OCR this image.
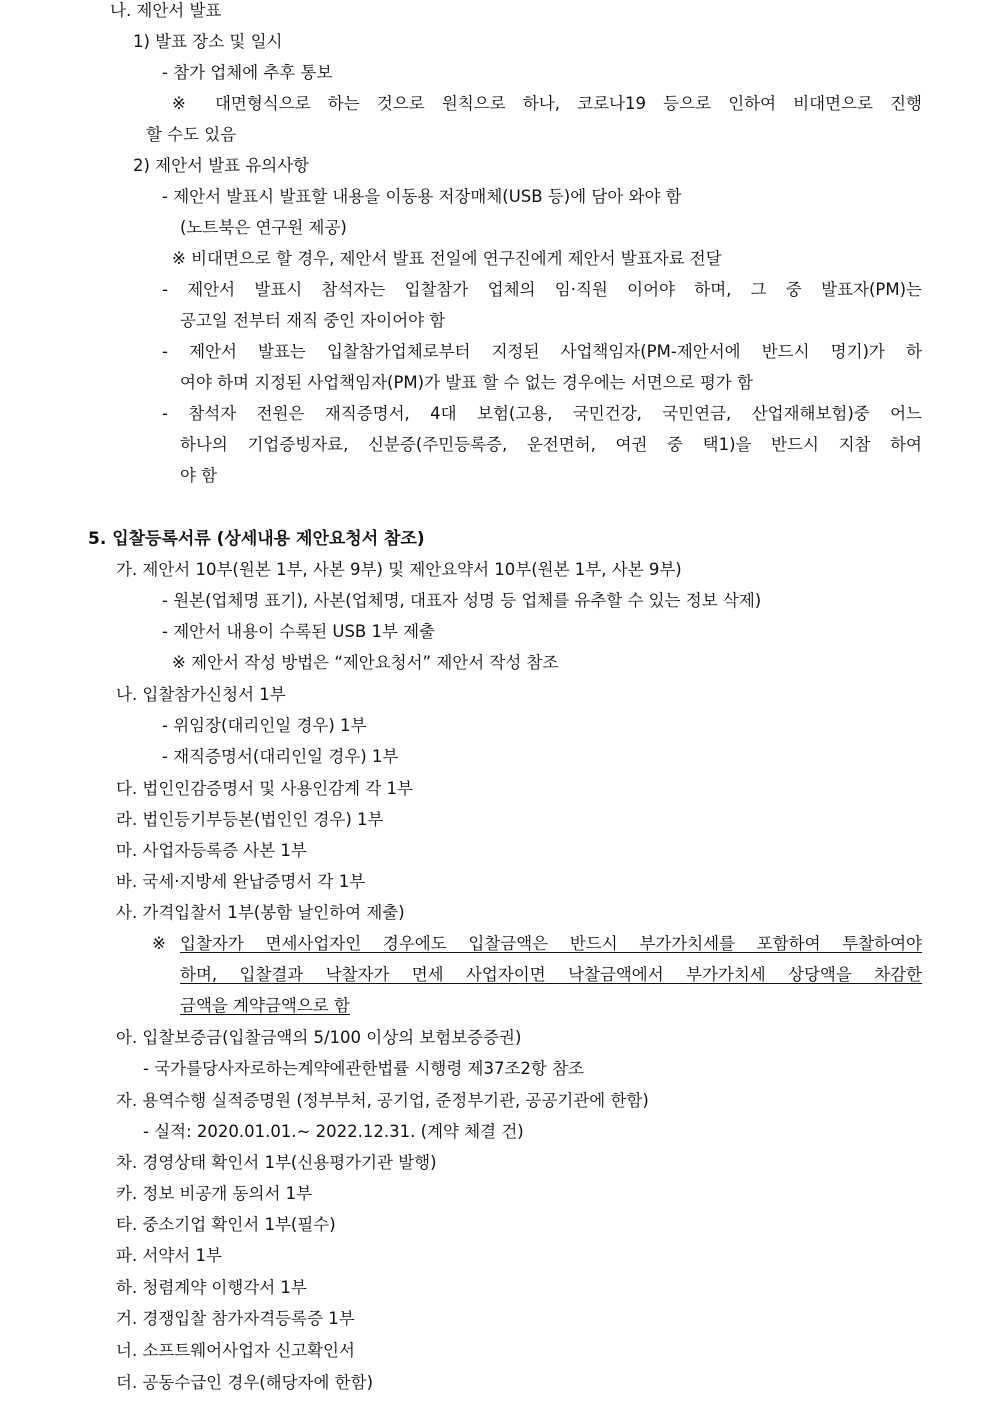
나. 제안서 발표
1) 발표 장소 및 일시
- 참가 업체에 추후 통보
※ 대면형식으로 하는 것으로 원칙으로 하나, 코로나19 등으로 인하여 비대면으로 진행
할 수도 있음
2) 제안서 발표 유의사항
- 제안서 발표시 발표할 내용을 이동용 저장매체(USB 등)에 담아 와야 함
(노트북은 연구원 제공)
※ 비대면으로 할 경우, 제안서 발표 전일에 연구진에게 제안서 발표자료 전달
- 제안서 발표시 참석자는 입찰참가 업체의 임·직원 이어야 하며, 그 중 발표자(PM)는
공고일 전부터 재직 중인 자이어야 함
- 제안서 발표는 입찰참가업체로부터 지정된 사업책임자(PM-제안서에 반드시 명기)가 하
여야 하며 지정된 사업책임자(PM)가 발표 할 수 없는 경우에는 서면으로 평가 함
- 참석자 전원은 재직증명서, 4대 보험(고용, 국민건강, 국민연금, 산업재해보험)중 어느
하나의 기업증빙자료, 신분증(주민등록증, 운전면허, 여권 중 택1)을 반드시 지참 하여
야 함
5. 입찰등록서류 (상세내용 제안요청서 참조)
가. 제안서 10부(원본 1부, 사본 9부) 및 제안요약서 10부(원본 1부, 사본 9부)
- 원본(업체명 표기), 사본(업체명, 대표자 성명 등 업체를 유추할 수 있는 정보 삭제)
- 제안서 내용이 수록된 USB 1부 제출
※ 제안서 작성 방법은 “제안요청서” 제안서 작성 참조
나. 입찰참가신청서 1부
- 위임장(대리인일 경우) 1부
- 재직증명서(대리인일 경우) 1부
다. 법인인감증명서 및 사용인감계 각 1부
라. 법인등기부등본(법인인 경우) 1부
마. 사업자등록증 사본 1부
바. 국세·지방세 완납증명서 각 1부
사. 가격입찰서 1부(봉함 날인하여 제출)
※ 입찰자가 면세사업자인 경우에도 입찰금액은 반드시 부가가치세를 포함하여 투찰하여야
하며, 입찰결과 낙찰자가 면세 사업자이면 낙찰금액에서 부가가치세 상당액을 차감한
금액을 계약금액으로 함
아. 입찰보증금(입찰금액의 5/100 이상의 보험보증증권)
- 국가를당사자로하는계약에관한법률 시행령 제37조2항 참조
자. 용역수행 실적증명원 (정부부처, 공기업, 준정부기관, 공공기관에 한함)
- 실적: 2020.01.01.~ 2022.12.31. (계약 체결 건)
차. 경영상태 확인서 1부(신용평가기관 발행)
카. 정보 비공개 동의서 1부
타. 중소기업 확인서 1부(필수)
파. 서약서 1부
하. 청렴계약 이행각서 1부
거. 경쟁입찰 참가자격등록증 1부
너. 소프트웨어사업자 신고확인서
더. 공동수급인 경우(해당자에 한함)
